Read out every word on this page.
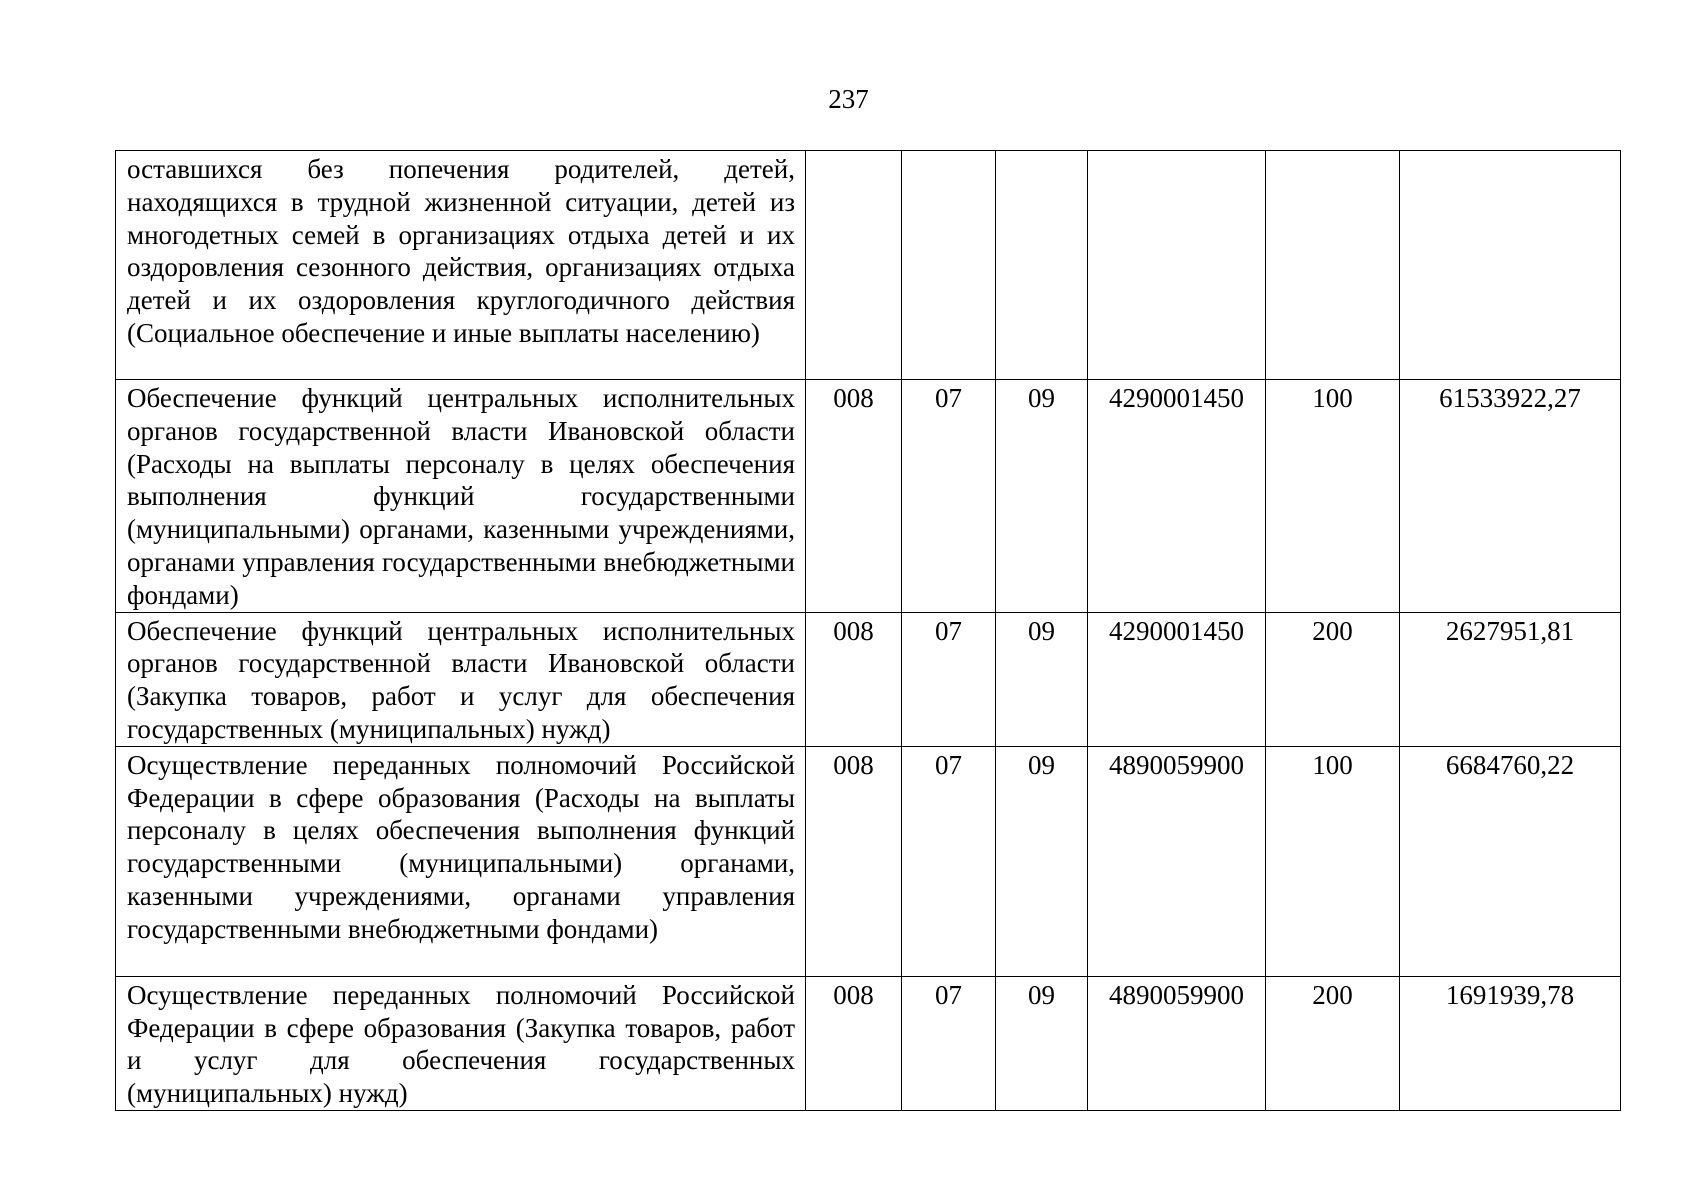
237
оставшихся без попечения родителей, детей, находящихся в трудной жизненной ситуации, детей из многодетных семей в организациях отдыха детей и их оздоровления сезонного действия, организациях отдыха детей и их оздоровления круглогодичного действия (Социальное обеспечение и иные выплаты населению)						
Обеспечение функций центральных исполнительных органов государственной власти Ивановской области (Расходы на выплаты персоналу в целях обеспечения выполнения функций государственными (муниципальными) органами, казенными учреждениями, органами управления государственными внебюджетными фондами)	008	07	09	4290001450	100	61533922,27
Обеспечение функций центральных исполнительных органов государственной власти Ивановской области (Закупка товаров, работ и услуг для обеспечения государственных (муниципальных) нужд)	008	07	09	4290001450	200	2627951,81
Осуществление переданных полномочий Российской Федерации в сфере образования (Расходы на выплаты персоналу в целях обеспечения выполнения функций государственными (муниципальными) органами, казенными учреждениями, органами управления государственными внебюджетными фондами)	008	07	09	4890059900	100	6684760,22
Осуществление переданных полномочий Российской Федерации в сфере образования (Закупка товаров, работ и услуг для обеспечения государственных (муниципальных) нужд)	008	07	09	4890059900	200	1691939,78
